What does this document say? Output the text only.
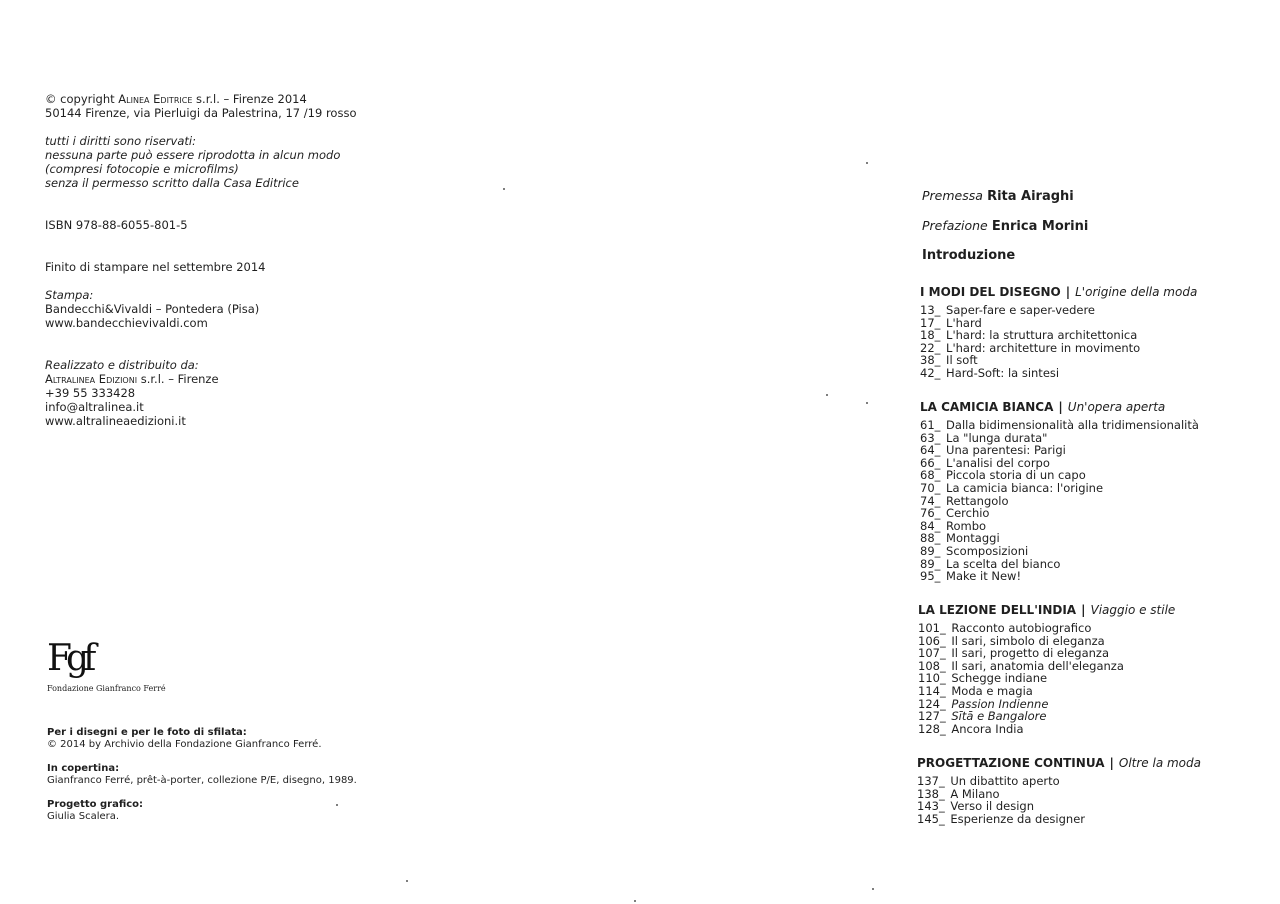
© copyright Alinea Editrice s.r.l. – Firenze 2014
50144 Firenze, via Pierluigi da Palestrina, 17 /19 rosso
tutti i diritti sono riservati:
nessuna parte può essere riprodotta in alcun modo
(compresi fotocopie e microfilms)
senza il permesso scritto dalla Casa Editrice
ISBN 978-88-6055-801-5
Finito di stampare nel settembre 2014
Stampa:
Bandecchi&Vivaldi – Pontedera (Pisa)
www.bandecchievivaldi.com
Realizzato e distribuito da:
Altralinea Edizioni s.r.l. – Firenze
+39 55 333428
info@altralinea.it
www.altralineaedizioni.it
Fgf
Fondazione Gianfranco Ferré
Per i disegni e per le foto di sfilata:
© 2014 by Archivio della Fondazione Gianfranco Ferré.
In copertina:
Gianfranco Ferré, prêt-à-porter, collezione P/E, disegno, 1989.
Progetto grafico:
Giulia Scalera.
Premessa Rita Airaghi
Prefazione Enrica Morini
Introduzione
I MODI DEL DISEGNO | L'origine della moda
13_ Saper-fare e saper-vedere
17_ L'hard
18_ L'hard: la struttura architettonica
22_ L'hard: architetture in movimento
38_ Il soft
42_ Hard-Soft: la sintesi
LA CAMICIA BIANCA | Un'opera aperta
61_ Dalla bidimensionalità alla tridimensionalità
63_ La "lunga durata"
64_ Una parentesi: Parigi
66_ L'analisi del corpo
68_ Piccola storia di un capo
70_ La camicia bianca: l'origine
74_ Rettangolo
76_ Cerchio
84_ Rombo
88_ Montaggi
89_ Scomposizioni
89_ La scelta del bianco
95_ Make it New!
LA LEZIONE DELL'INDIA | Viaggio e stile
101_ Racconto autobiografico
106_ Il sari, simbolo di eleganza
107_ Il sari, progetto di eleganza
108_ Il sari, anatomia dell'eleganza
110_ Schegge indiane
114_ Moda e magia
124_ Passion Indienne
127_ Sītā e Bangalore
128_ Ancora India
PROGETTAZIONE CONTINUA | Oltre la moda
137_ Un dibattito aperto
138_ A Milano
143_ Verso il design
145_ Esperienze da designer
